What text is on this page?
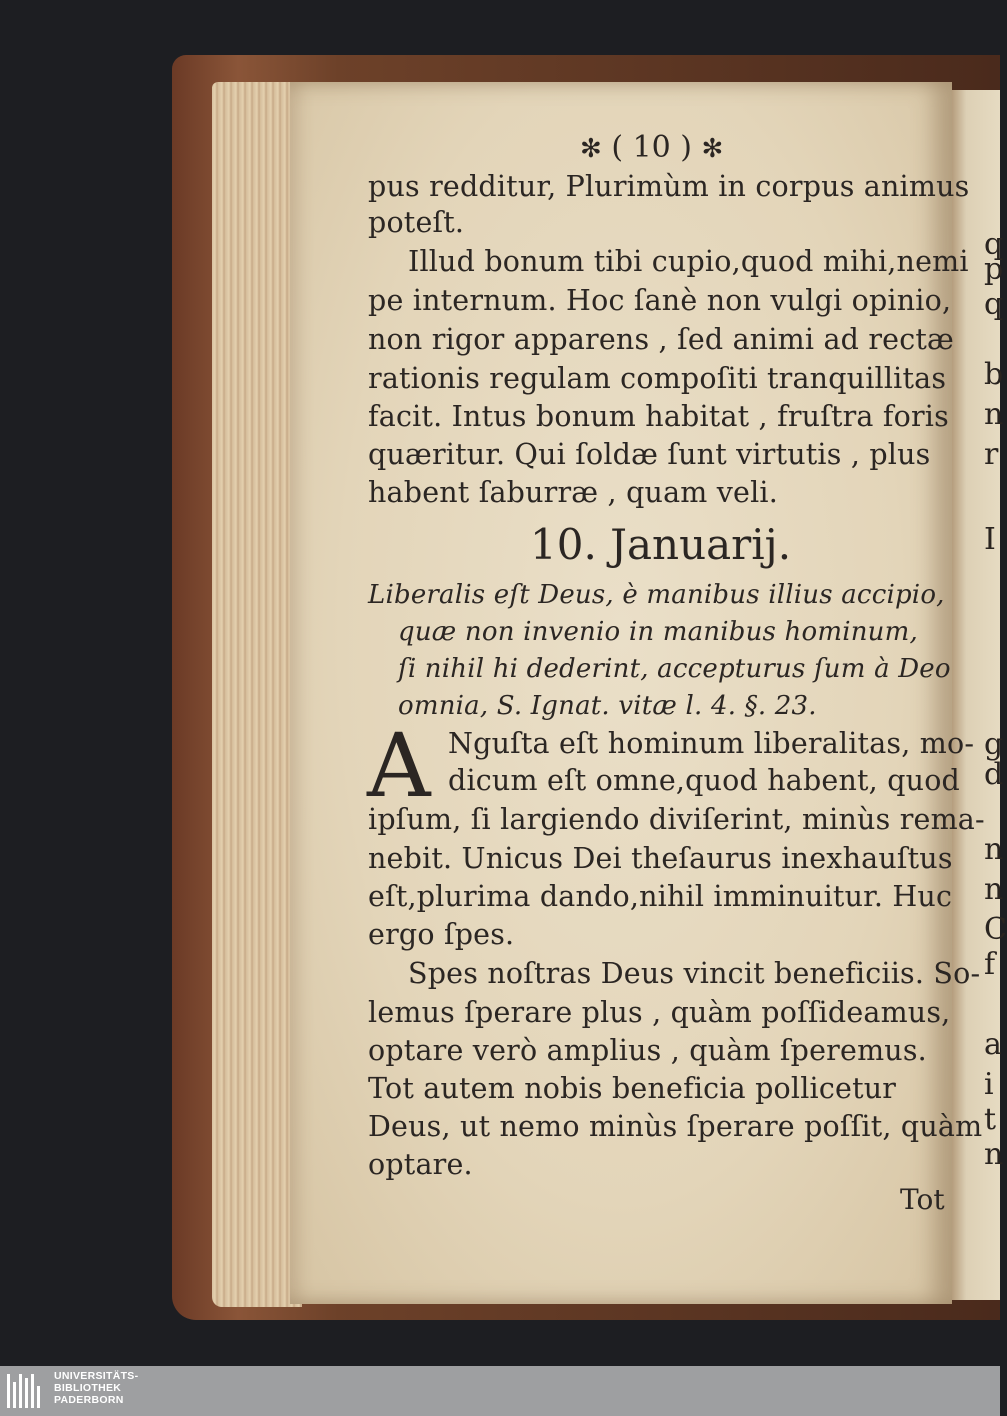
q
p
q
b
n
r
I
g
d
n
n
C
f
a
i
t
n
✻ ( 10 ) ✻
pus redditur, Plurimùm in corpus animus
poteſt.
Illud bonum tibi cupio,quod mihi,nemi
pe internum. Hoc ſanè non vulgi opinio,
non rigor apparens , ſed animi ad rectæ
rationis regulam compoſiti tranquillitas
facit. Intus bonum habitat , fruſtra foris
quæritur. Qui ſoldæ ſunt virtutis , plus
habent ſaburræ , quam veli.
10. Januarij.
Liberalis eſt Deus, è manibus illius accipio,
quæ non invenio in manibus hominum,
ſi nihil hi dederint, accepturus ſum à Deo
omnia, S. Ignat. vitæ l. 4. §. 23.
A Nguſta eſt hominum liberalitas, mo-
dicum eſt omne,quod habent, quod
ipſum, ſi largiendo diviſerint, minùs rema-
nebit. Unicus Dei theſaurus inexhauſtus
eſt,plurima dando,nihil imminuitur. Huc
ergo ſpes.
Spes noſtras Deus vincit beneficiis. So-
lemus ſperare plus , quàm poſſideamus,
optare verò amplius , quàm ſperemus.
Tot autem nobis beneficia pollicetur
Deus, ut nemo minùs ſperare poſſit, quàm
optare.
Tot
UNIVERSITÄTS-
BIBLIOTHEK
PADERBORN
